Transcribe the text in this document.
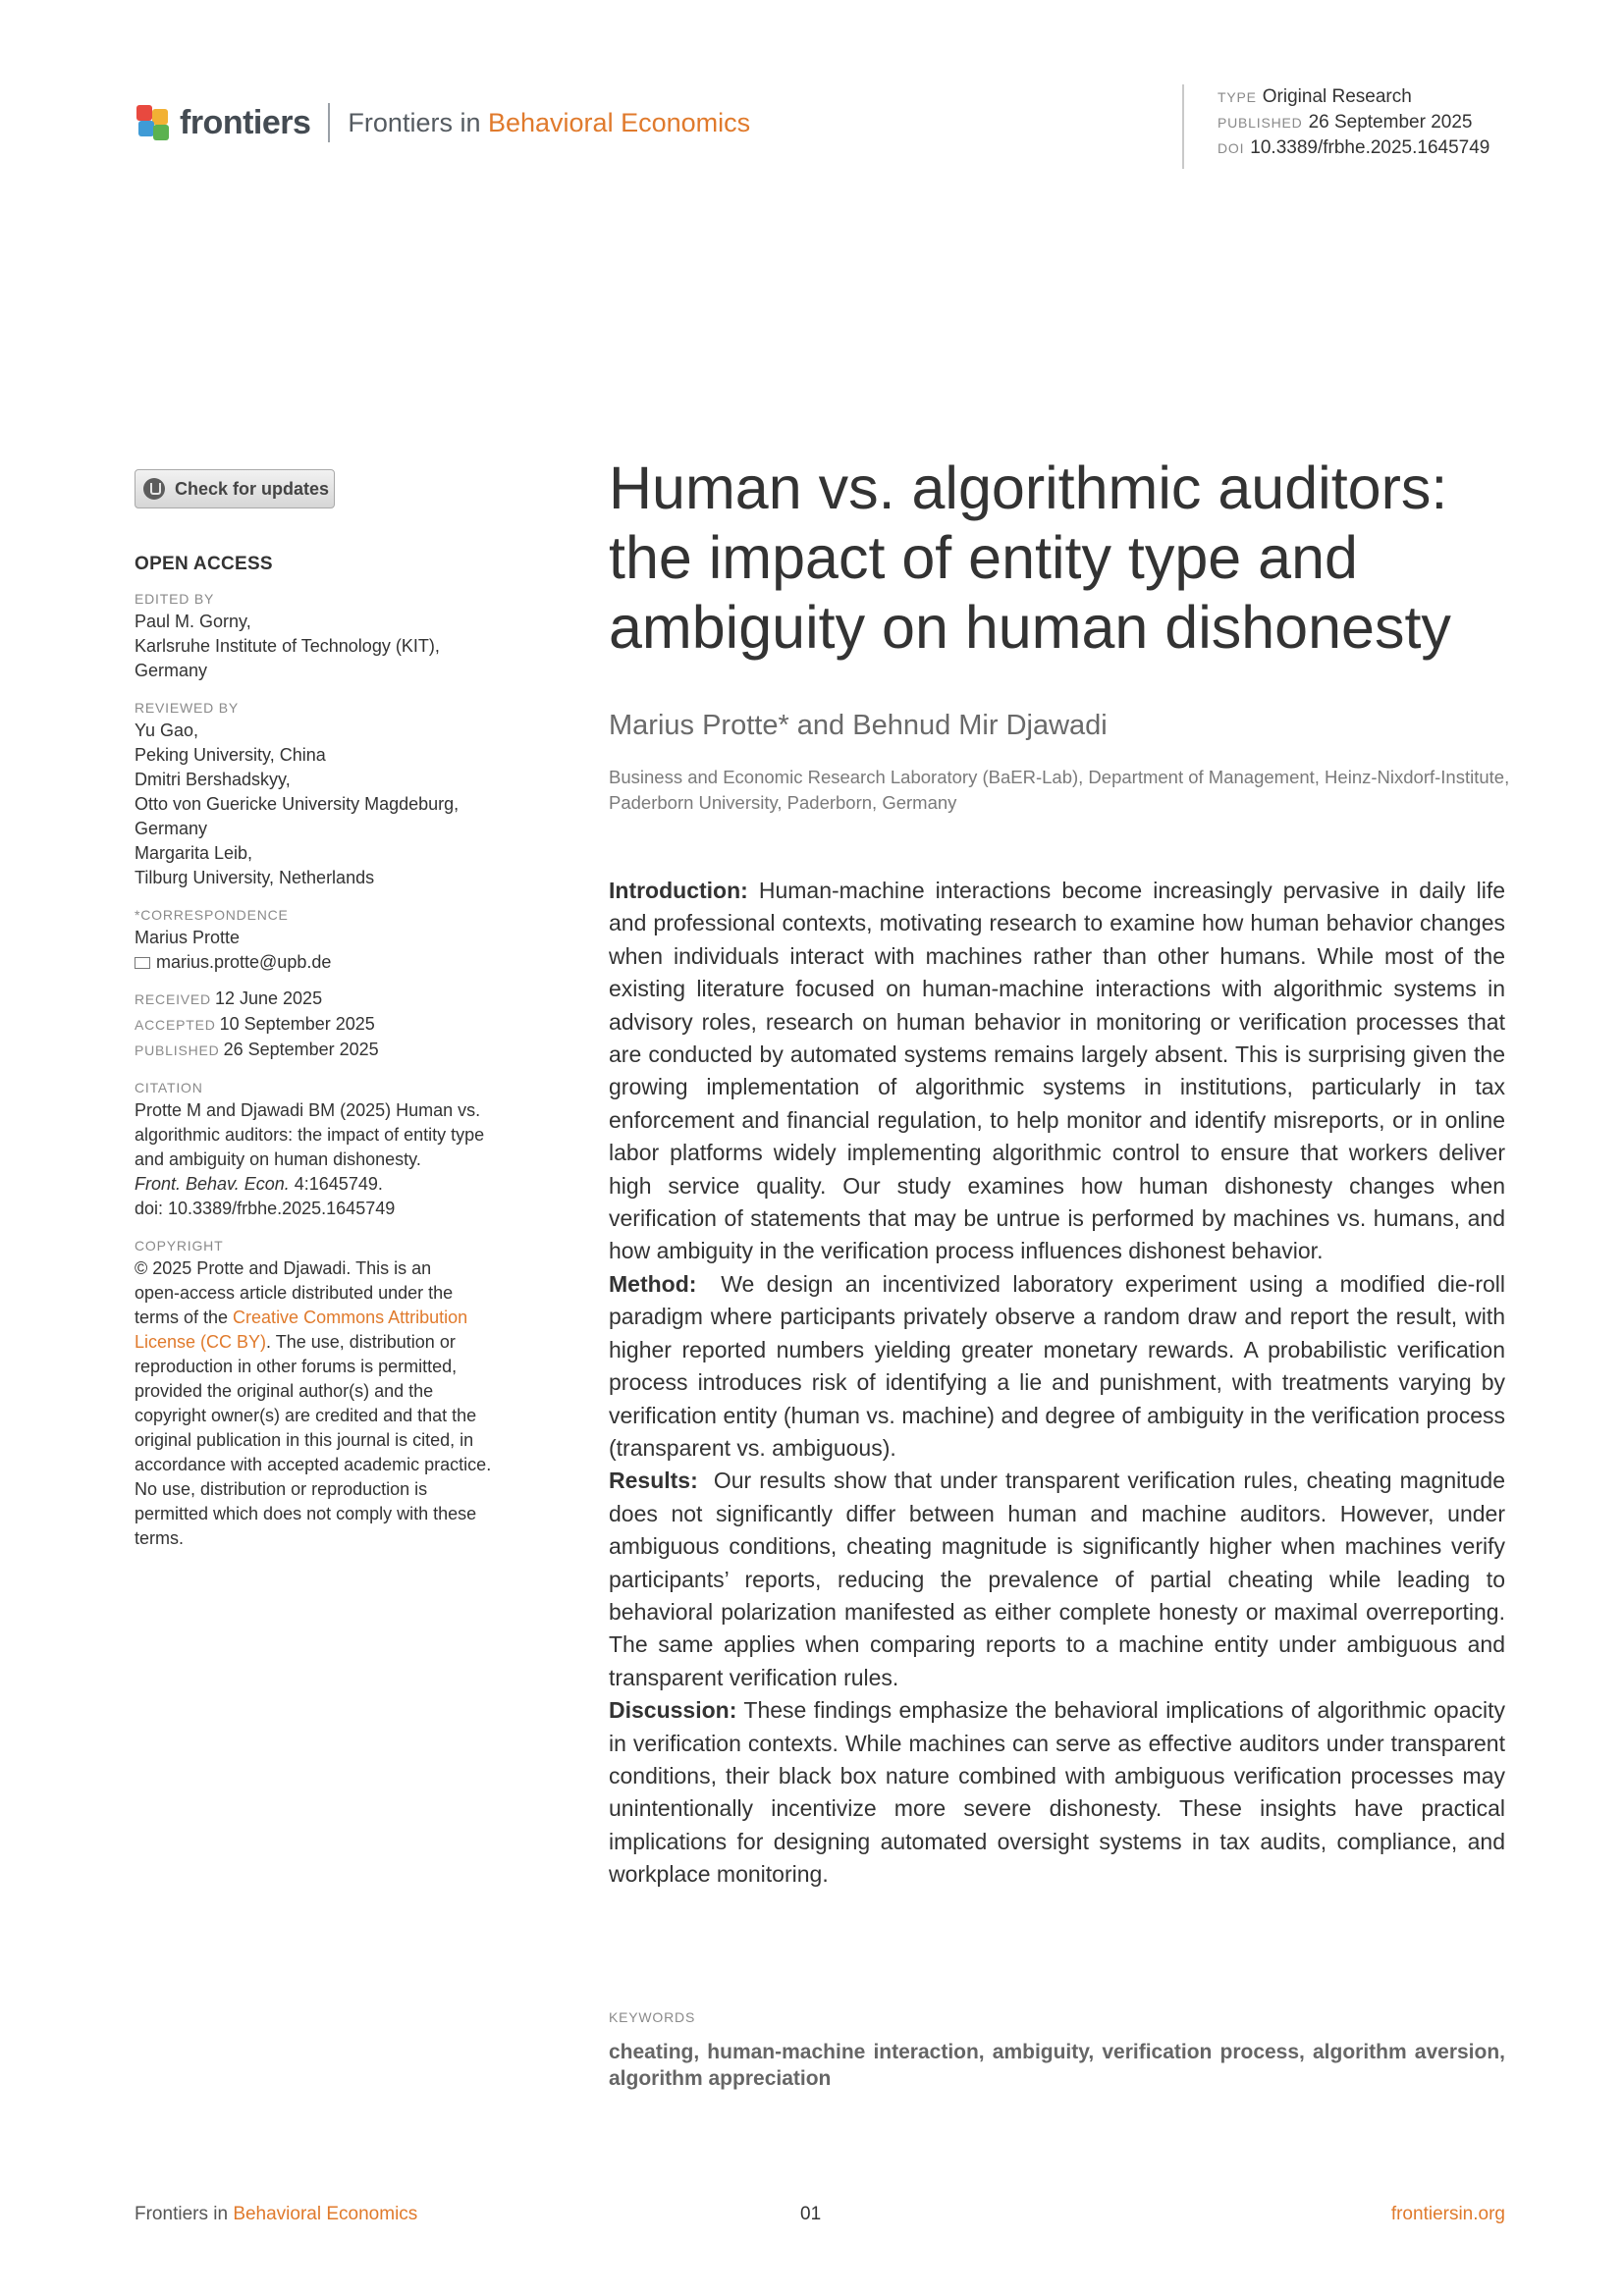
frontiers Frontiers in Behavioral Economics
TYPE Original Research
PUBLISHED 26 September 2025
DOI 10.3389/frbhe.2025.1645749
Check for updates
OPEN ACCESS
EDITED BY
Paul M. Gorny,
Karlsruhe Institute of Technology (KIT),
Germany
REVIEWED BY
Yu Gao,
Peking University, China
Dmitri Bershadskyy,
Otto von Guericke University Magdeburg,
Germany
Margarita Leib,
Tilburg University, Netherlands
*CORRESPONDENCE
Marius Protte
marius.protte@upb.de
RECEIVED 12 June 2025
ACCEPTED 10 September 2025
PUBLISHED 26 September 2025
CITATION
Protte M and Djawadi BM (2025) Human vs.
algorithmic auditors: the impact of entity type
and ambiguity on human dishonesty.
Front. Behav. Econ. 4:1645749.
doi: 10.3389/frbhe.2025.1645749
COPYRIGHT
© 2025 Protte and Djawadi. This is an
open-access article distributed under the
terms of the Creative Commons Attribution
License (CC BY). The use, distribution or
reproduction in other forums is permitted,
provided the original author(s) and the
copyright owner(s) are credited and that the
original publication in this journal is cited, in
accordance with accepted academic practice.
No use, distribution or reproduction is
permitted which does not comply with these
terms.
Human vs. algorithmic auditors: the impact of entity type and ambiguity on human dishonesty
Marius Protte* and Behnud Mir Djawadi
Business and Economic Research Laboratory (BaER-Lab), Department of Management, Heinz-Nixdorf-Institute, Paderborn University, Paderborn, Germany

Introduction: Human-machine interactions become increasingly pervasive in daily life and professional contexts, motivating research to examine how human behavior changes when individuals interact with machines rather than other humans. While most of the existing literature focused on human-machine interactions with algorithmic systems in advisory roles, research on human behavior in monitoring or verification processes that are conducted by automated systems remains largely absent. This is surprising given the growing implementation of algorithmic systems in institutions, particularly in tax enforcement and financial regulation, to help monitor and identify misreports, or in online labor platforms widely implementing algorithmic control to ensure that workers deliver high service quality. Our study examines how human dishonesty changes when verification of statements that may be untrue is performed by machines vs. humans, and how ambiguity in the verification process influences dishonest behavior.

Method: We design an incentivized laboratory experiment using a modified die-roll paradigm where participants privately observe a random draw and report the result, with higher reported numbers yielding greater monetary rewards. A probabilistic verification process introduces risk of identifying a lie and punishment, with treatments varying by verification entity (human vs. machine) and degree of ambiguity in the verification process (transparent vs. ambiguous).

Results: Our results show that under transparent verification rules, cheating magnitude does not significantly differ between human and machine auditors. However, under ambiguous conditions, cheating magnitude is significantly higher when machines verify participants’ reports, reducing the prevalence of partial cheating while leading to behavioral polarization manifested as either complete honesty or maximal overreporting. The same applies when comparing reports to a machine entity under ambiguous and transparent verification rules.

Discussion: These findings emphasize the behavioral implications of algorithmic opacity in verification contexts. While machines can serve as effective auditors under transparent conditions, their black box nature combined with ambiguous verification processes may unintentionally incentivize more severe dishonesty. These insights have practical implications for designing automated oversight systems in tax audits, compliance, and workplace monitoring.

KEYWORDS
cheating, human-machine interaction, ambiguity, verification process, algorithm aversion, algorithm appreciation
Frontiers in Behavioral Economics	01	frontiersin.org
